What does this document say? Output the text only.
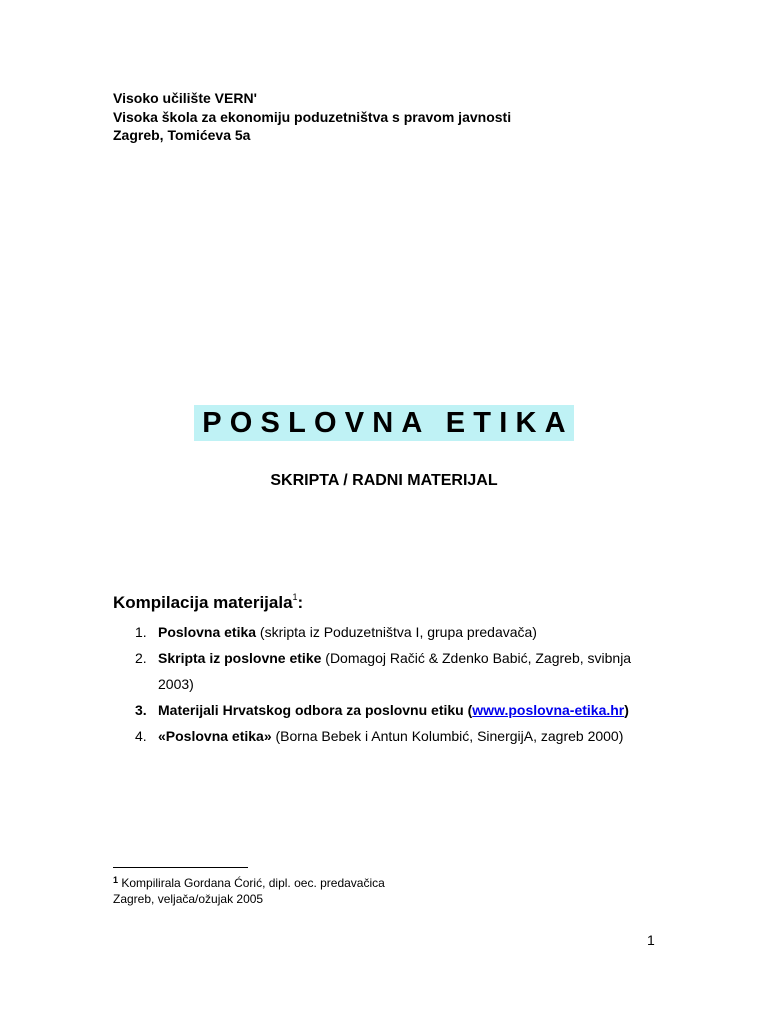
Visoko učilište VERN'
Visoka škola za ekonomiju poduzetništva s pravom javnosti
Zagreb, Tomićeva 5a
POSLOVNA ETIKA
SKRIPTA / RADNI MATERIJAL
Kompilacija materijala$^1$:
1. Poslovna etika (skripta iz Poduzetništva I, grupa predavača)
2. Skripta iz poslovne etike (Domagoj Račić & Zdenko Babić, Zagreb, svibnja 2003)
3. Materijali Hrvatskog odbora za poslovnu etiku (www.poslovna-etika.hr)
4. «Poslovna etika» (Borna Bebek i Antun Kolumbić, SinergijA, zagreb 2000)
$^1$ Kompilirala Gordana Ćorić, dipl. oec. predavačica
Zagreb, veljača/ožujak 2005
1
